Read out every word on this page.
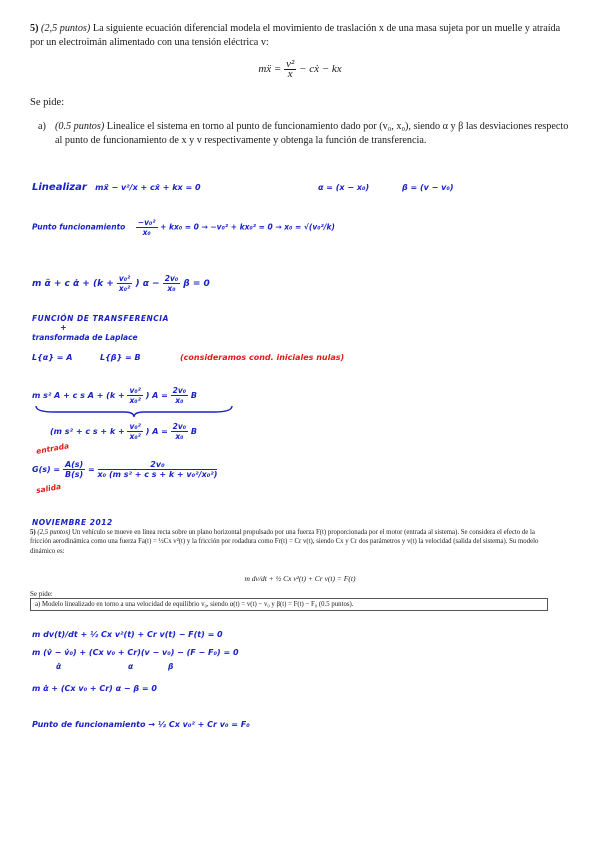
5) (2,5 puntos) La siguiente ecuación diferencial modela el movimiento de traslación x de una masa sujeta por un muelle y atraída por un electroimán alimentado con una tensión eléctrica v:
mẍ = $\frac{\text{v²}}{x}$ − cẋ − kx
Se pide:
a) (0.5 puntos) Linealice el sistema en torno al punto de funcionamiento dado por (v₀, x₀), siendo α y β las desviaciones respecto al punto de funcionamiento de x y v respectivamente y obtenga la función de transferencia.
Linealizar mẍ − v²/x + cẋ + kx = 0	α = (x − x₀)	β = (v − v₀)
Punto funcionamiento $\frac{\text{−v₀²}}{\text{x₀}} + kx_0 = 0 \to -v_0^2 + kx_0^2 = 0 \to x_0 = √(v_0^2/k)$
m α̈ + c α̇ + ($k + \frac{\text{v₀²}}{\text{x₀²}}$ ) $\alpha - \frac{\text{2v₀}}{\text{x₀}}$ β = 0
FUNCIÓN DE TRANSFERENCIA
+
transformada de Laplace
L{α} = A	L{β} = B	(consideramos cond. iniciales nulas)
m s² A + c s $A + (k + \frac{\text{v₀²}}{\text{x₀²}}$ ) $A = \frac{\text{2v₀}}{\text{x₀}}$ B
(m s² + c $s + k + \frac{\text{v₀²}}{\text{x₀²}}$ ) $A = \frac{\text{2v₀}}{\text{x₀}}$ B
entrada
$G(s) = \frac{A(s)}{B(s)} = \frac{\text{2v₀}}{\text{x₀ (m s² + c s + k + v₀²/x₀²)}}$
salida
NOVIEMBRE 2012
5) (2,5 puntos) Un vehículo se mueve en línea recta sobre un plano horizontal propulsado por una fuerza F(t) proporcionada por el motor (entrada al sistema). Se considera el efecto de la fricción aerodinámica como una fuerza Fa(t) = ½Cx v²(t) y la fricción por rodadura como Fr(t) = Cr v(t), siendo Cx y Cr dos parámetros y v(t) la velocidad (salida del sistema). Su modelo dinámico es:
m dv/dt + ½ Cx v²(t) + Cr v(t) = F(t)
Se pide:
a) Modelo linealizado en torno a una velocidad de equilibrio v₀, siendo α(t) = v(t) − v₀ y β(t) = F(t) − F₀ (0.5 puntos).
m dv(t)/dt + ½ Cx v²(t) + Cr v(t) − F(t) = 0
m (v̇ − v̇₀) + (Cx v₀ + Cr)(v − v₀) − (F − F₀) = 0
α̇	α	β
m α̇ + (Cx v₀ + Cr) α − β = 0
Punto de funcionamiento → ½ Cx v₀² + Cr v₀ = F₀
